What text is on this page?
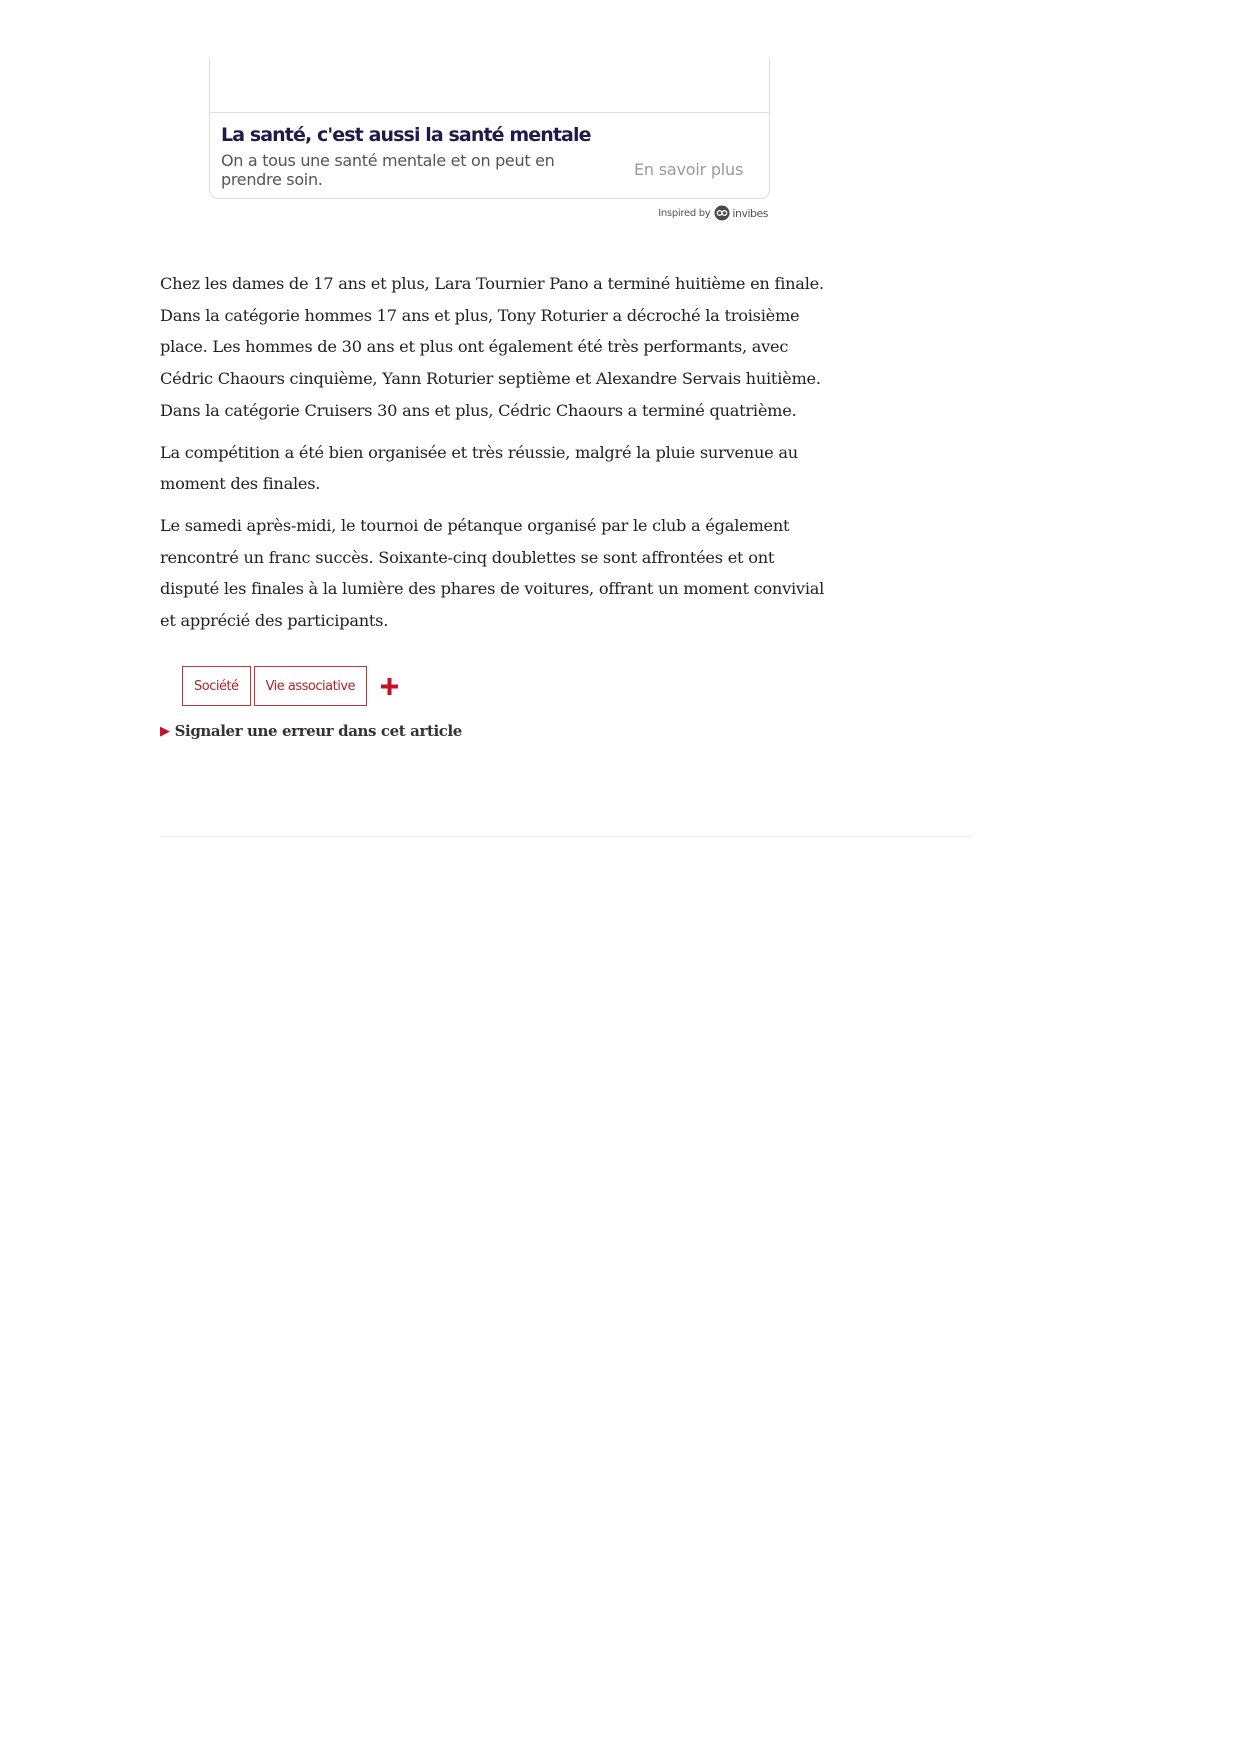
La santé, c'est aussi la santé mentale

On a tous une santé mentale et on peut en prendre soin.

En savoir plus
Inspired by invibes

Chez les dames de 17 ans et plus, Lara Tournier Pano a terminé huitième en finale. Dans la catégorie hommes 17 ans et plus, Tony Roturier a décroché la troisième place. Les hommes de 30 ans et plus ont également été très performants, avec Cédric Chaours cinquième, Yann Roturier septième et Alexandre Servais huitième. Dans la catégorie Cruisers 30 ans et plus, Cédric Chaours a terminé quatrième.

La compétition a été bien organisée et très réussie, malgré la pluie survenue au moment des finales.

Le samedi après-midi, le tournoi de pétanque organisé par le club a également rencontré un franc succès. Soixante-cinq doublettes se sont affrontées et ont disputé les finales à la lumière des phares de voitures, offrant un moment convivial et apprécié des participants.

Société	Vie associative
▶ Signaler une erreur dans cet article
